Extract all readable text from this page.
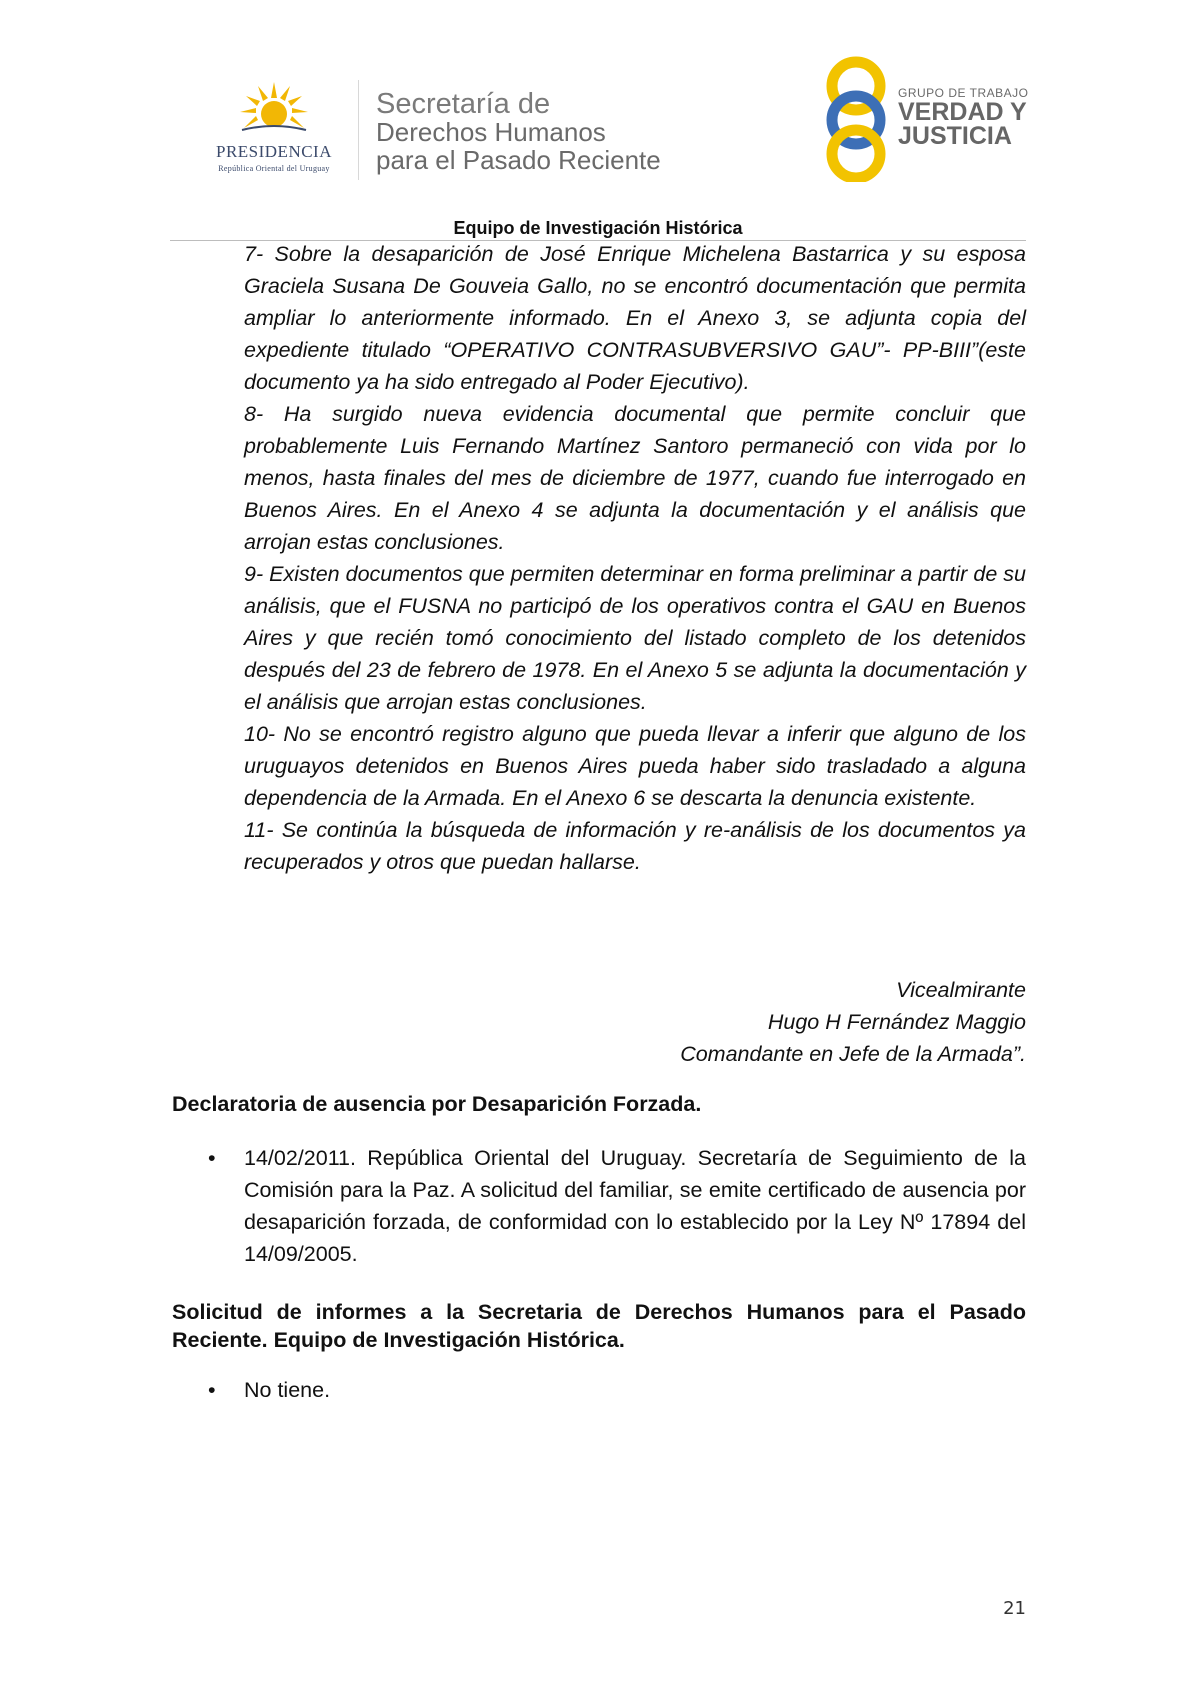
PRESIDENCIA
República Oriental del Uruguay
Secretaría de
Derechos Humanos
para el Pasado Reciente
GRUPO DE TRABAJO
VERDAD Y
JUSTICIA
Equipo de Investigación Histórica

7- Sobre la desaparición de José Enrique Michelena Bastarrica y su esposa Graciela Susana De Gouveia Gallo, no se encontró documentación que permita ampliar lo anteriormente informado. En el Anexo 3, se adjunta copia del expediente titulado “OPERATIVO CONTRASUBVERSIVO GAU”- PP-BIII”(este documento ya ha sido entregado al Poder Ejecutivo).

8- Ha surgido nueva evidencia documental que permite concluir que probablemente Luis Fernando Martínez Santoro permaneció con vida por lo menos, hasta finales del mes de diciembre de 1977, cuando fue interrogado en Buenos Aires. En el Anexo 4 se adjunta la documentación y el análisis que arrojan estas conclusiones.

9- Existen documentos que permiten determinar en forma preliminar a partir de su análisis, que el FUSNA no participó de los operativos contra el GAU en Buenos Aires y que recién tomó conocimiento del listado completo de los detenidos después del 23 de febrero de 1978. En el Anexo 5 se adjunta la documentación y el análisis que arrojan estas conclusiones.

10- No se encontró registro alguno que pueda llevar a inferir que alguno de los uruguayos detenidos en Buenos Aires pueda haber sido trasladado a alguna dependencia de la Armada. En el Anexo 6 se descarta la denuncia existente.

11- Se continúa la búsqueda de información y re-análisis de los documentos ya recuperados y otros que puedan hallarse.

Vicealmirante
Hugo H Fernández Maggio
Comandante en Jefe de la Armada”.
Declaratoria de ausencia por Desaparición Forzada.
• 14/02/2011. República Oriental del Uruguay. Secretaría de Seguimiento de la Comisión para la Paz. A solicitud del familiar, se emite certificado de ausencia por desaparición forzada, de conformidad con lo establecido por la Ley Nº 17894 del 14/09/2005.
Solicitud de informes a la Secretaria de Derechos Humanos para el Pasado Reciente. Equipo de Investigación Histórica.
• No tiene.
21
